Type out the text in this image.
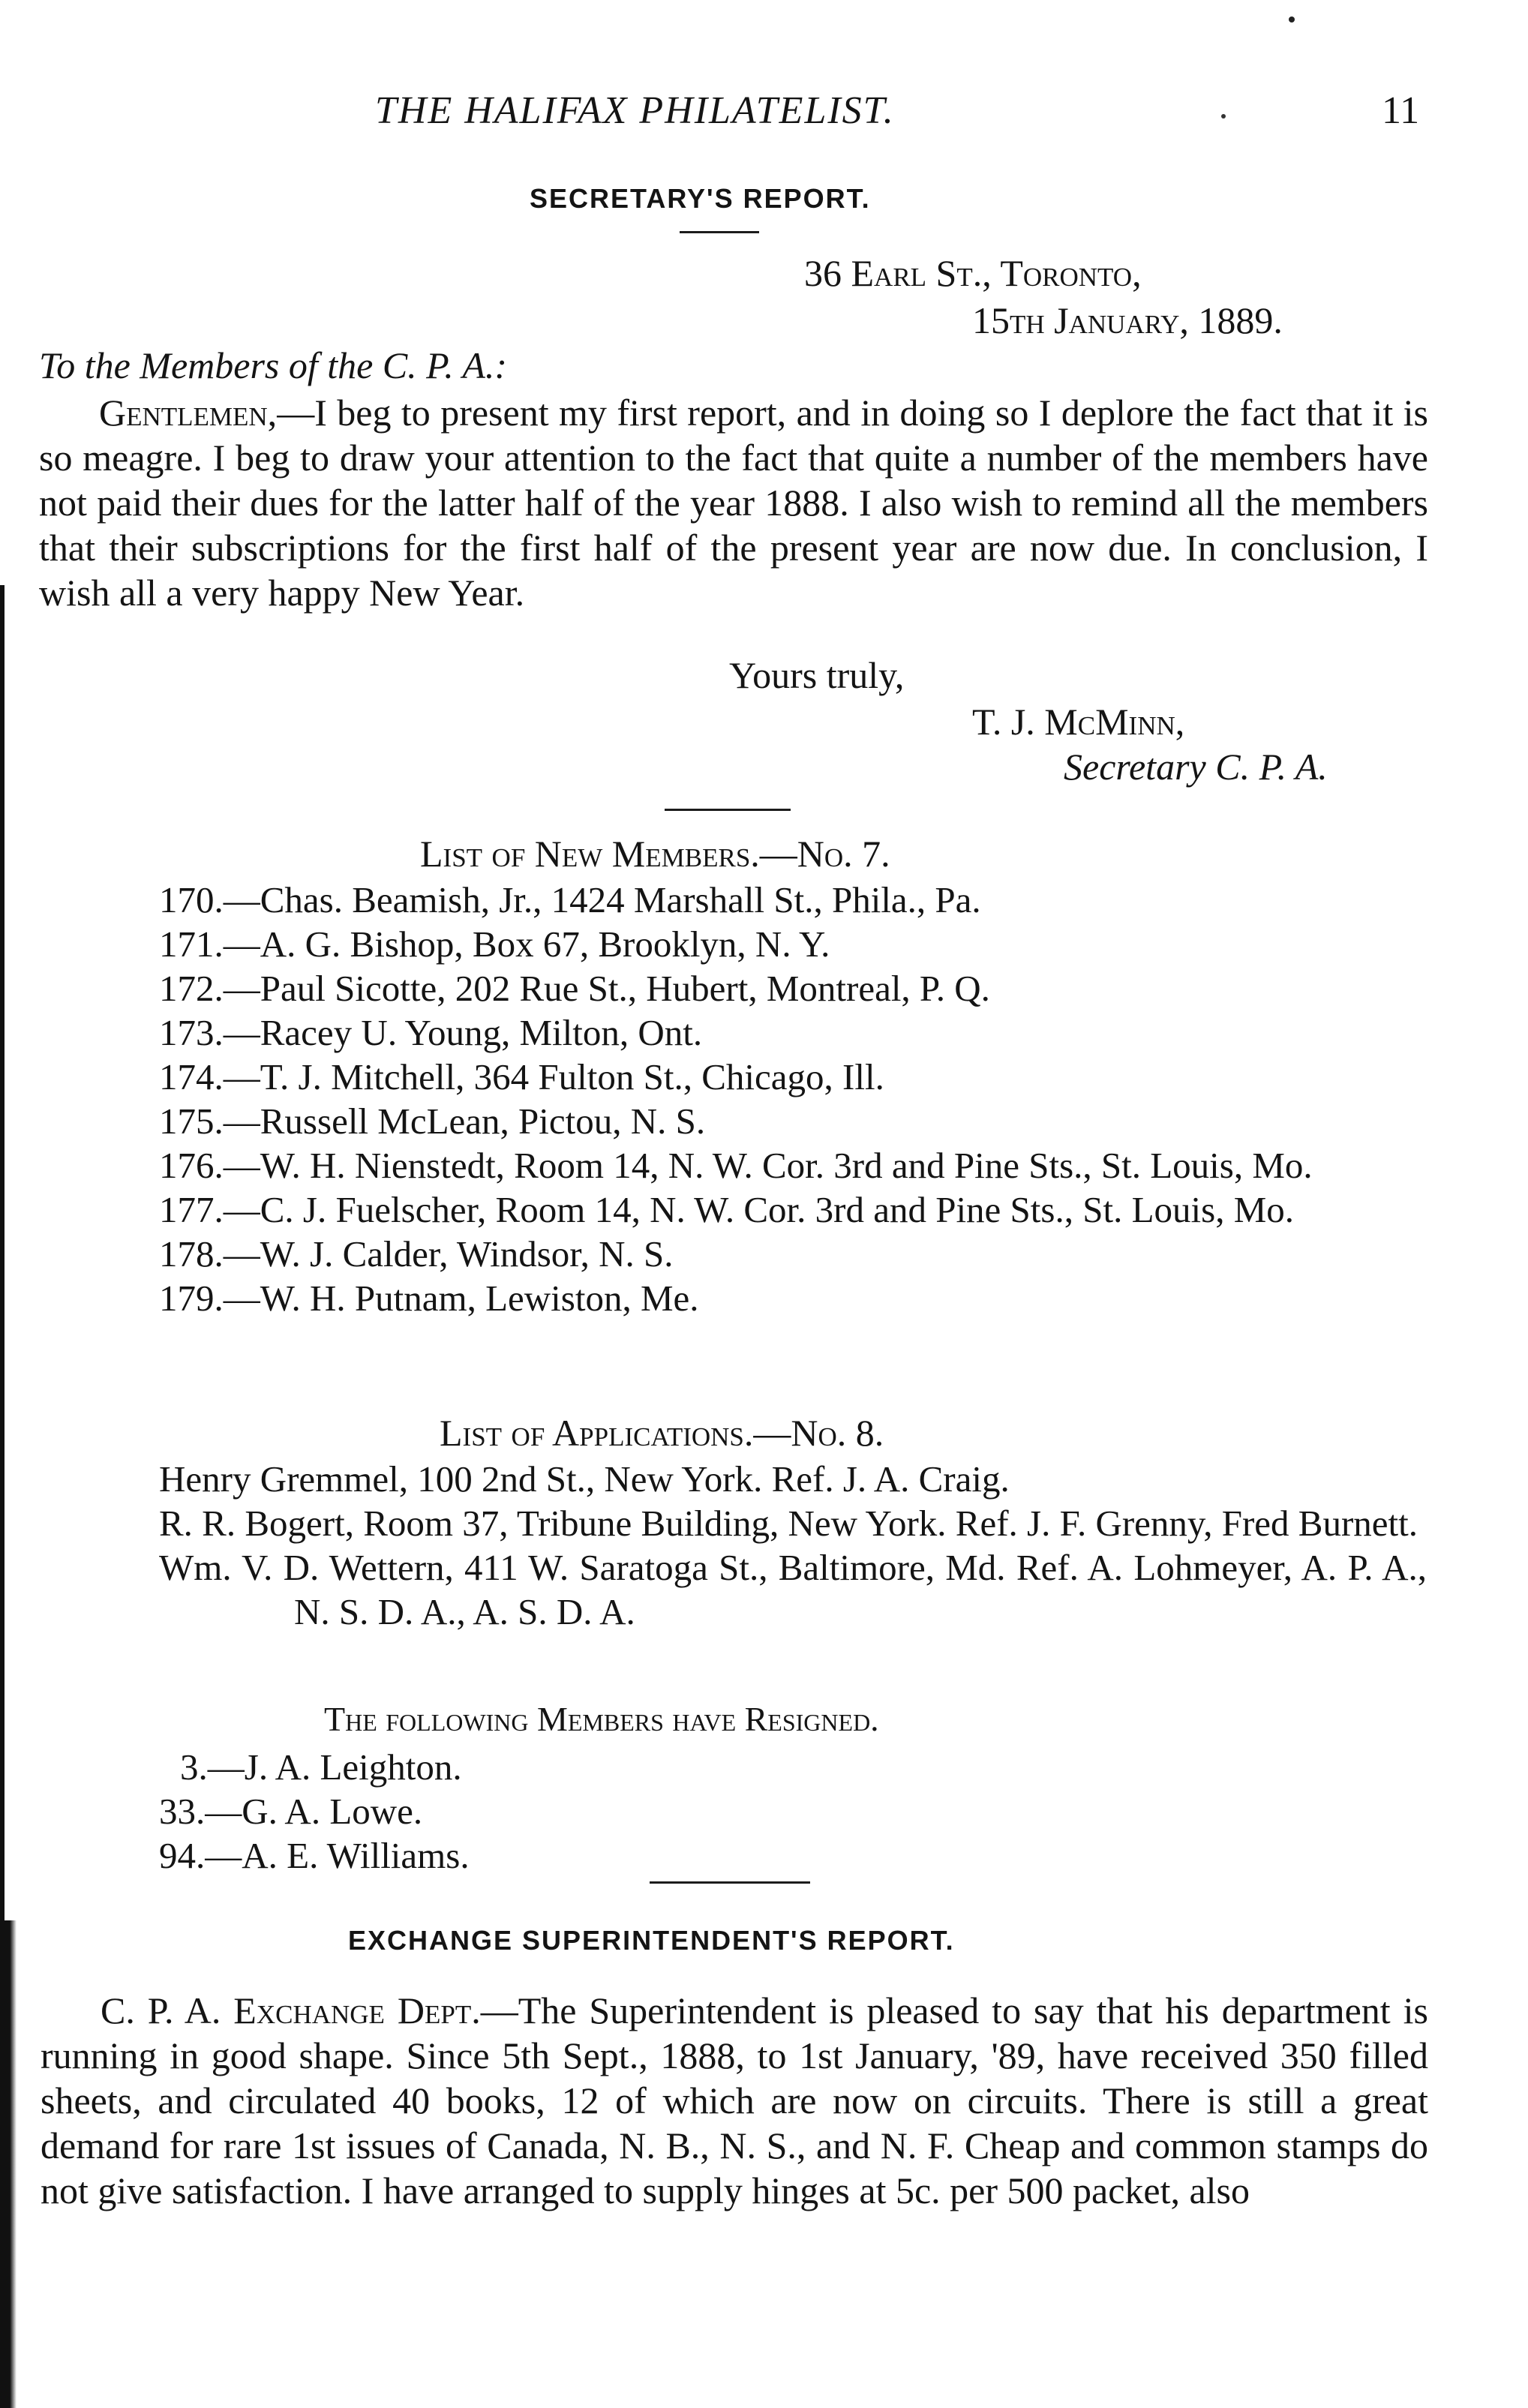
THE HALIFAX PHILATELIST.	11
SECRETARY'S REPORT.
36 Earl St., Toronto,
15th January, 1889.
To the Members of the C. P. A.:
Gentlemen,—I beg to present my first report, and in doing so I deplore the fact that it is so meagre. I beg to draw your attention to the fact that quite a number of the members have not paid their dues for the latter half of the year 1888. I also wish to remind all the members that their subscriptions for the first half of the present year are now due. In conclusion, I wish all a very happy New Year.
Yours truly,
T. J. McMinn,
Secretary C. P. A.
List of New Members.—No. 7.
170.—Chas. Beamish, Jr., 1424 Marshall St., Phila., Pa.
171.—A. G. Bishop, Box 67, Brooklyn, N. Y.
172.—Paul Sicotte, 202 Rue St., Hubert, Montreal, P. Q.
173.—Racey U. Young, Milton, Ont.
174.—T. J. Mitchell, 364 Fulton St., Chicago, Ill.
175.—Russell McLean, Pictou, N. S.
176.—W. H. Nienstedt, Room 14, N. W. Cor. 3rd and Pine Sts., St. Louis, Mo.
177.—C. J. Fuelscher, Room 14, N. W. Cor. 3rd and Pine Sts., St. Louis, Mo.
178.—W. J. Calder, Windsor, N. S.
179.—W. H. Putnam, Lewiston, Me.
List of Applications.—No. 8.
Henry Gremmel, 100 2nd St., New York. Ref. J. A. Craig.
R. R. Bogert, Room 37, Tribune Building, New York. Ref. J. F. Grenny, Fred Burnett.
Wm. V. D. Wettern, 411 W. Saratoga St., Baltimore, Md. Ref. A. Lohmeyer, A. P. A., N. S. D. A., A. S. D. A.
The following Members have Resigned.
3.—J. A. Leighton.
33.—G. A. Lowe.
94.—A. E. Williams.
EXCHANGE SUPERINTENDENT'S REPORT.
C. P. A. Exchange Dept.—The Superintendent is pleased to say that his department is running in good shape. Since 5th Sept., 1888, to 1st January, '89, have received 350 filled sheets, and circulated 40 books, 12 of which are now on circuits. There is still a great demand for rare 1st issues of Canada, N. B., N. S., and N. F. Cheap and common stamps do not give satisfaction. I have arranged to supply hinges at 5c. per 500 packet, also
